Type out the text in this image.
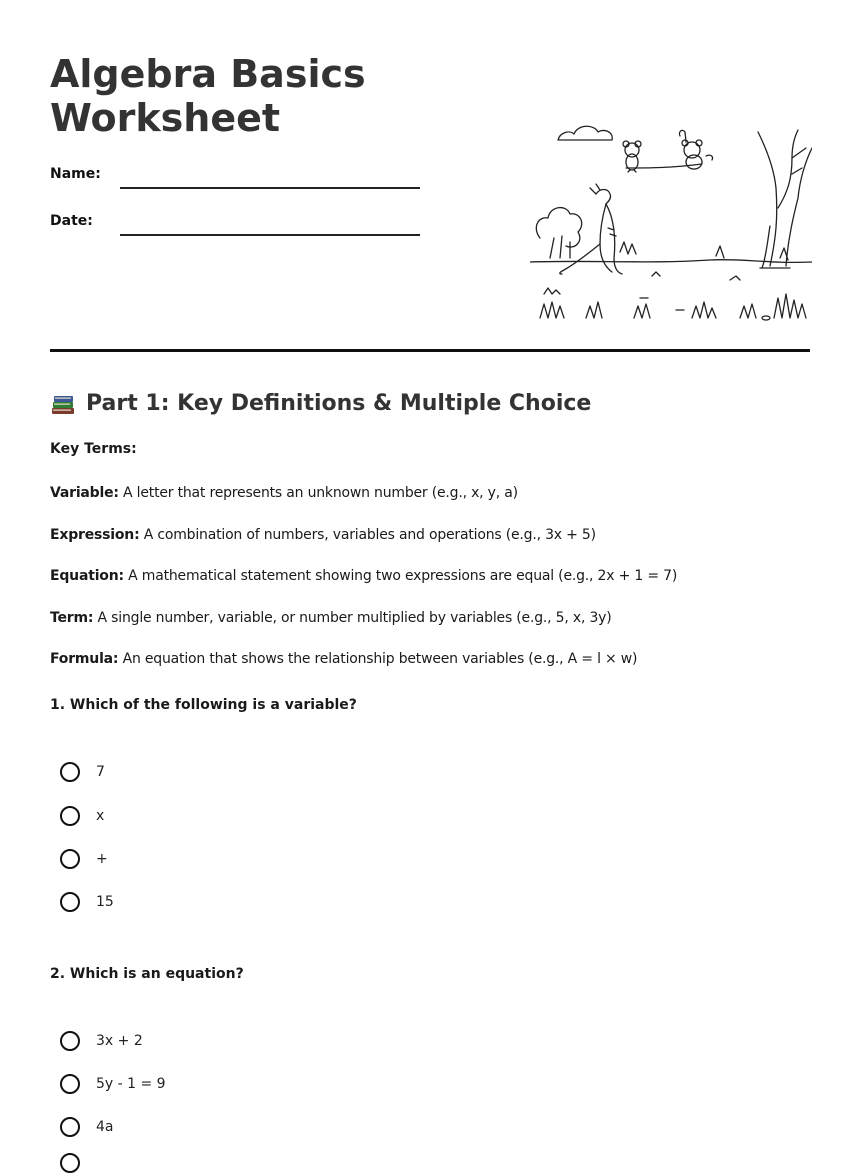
Algebra Basics
Worksheet
Name:
Date:
Part 1: Key Definitions & Multiple Choice
Key Terms:
Variable: A letter that represents an unknown number (e.g., x, y, a)
Expression: A combination of numbers, variables and operations (e.g., 3x + 5)
Equation: A mathematical statement showing two expressions are equal (e.g., 2x + 1 = 7)
Term: A single number, variable, or number multiplied by variables (e.g., 5, x, 3y)
Formula: An equation that shows the relationship between variables (e.g., A = l × w)
1. Which of the following is a variable?
7
x
+
15
2. Which is an equation?
3x + 2
5y - 1 = 9
4a
